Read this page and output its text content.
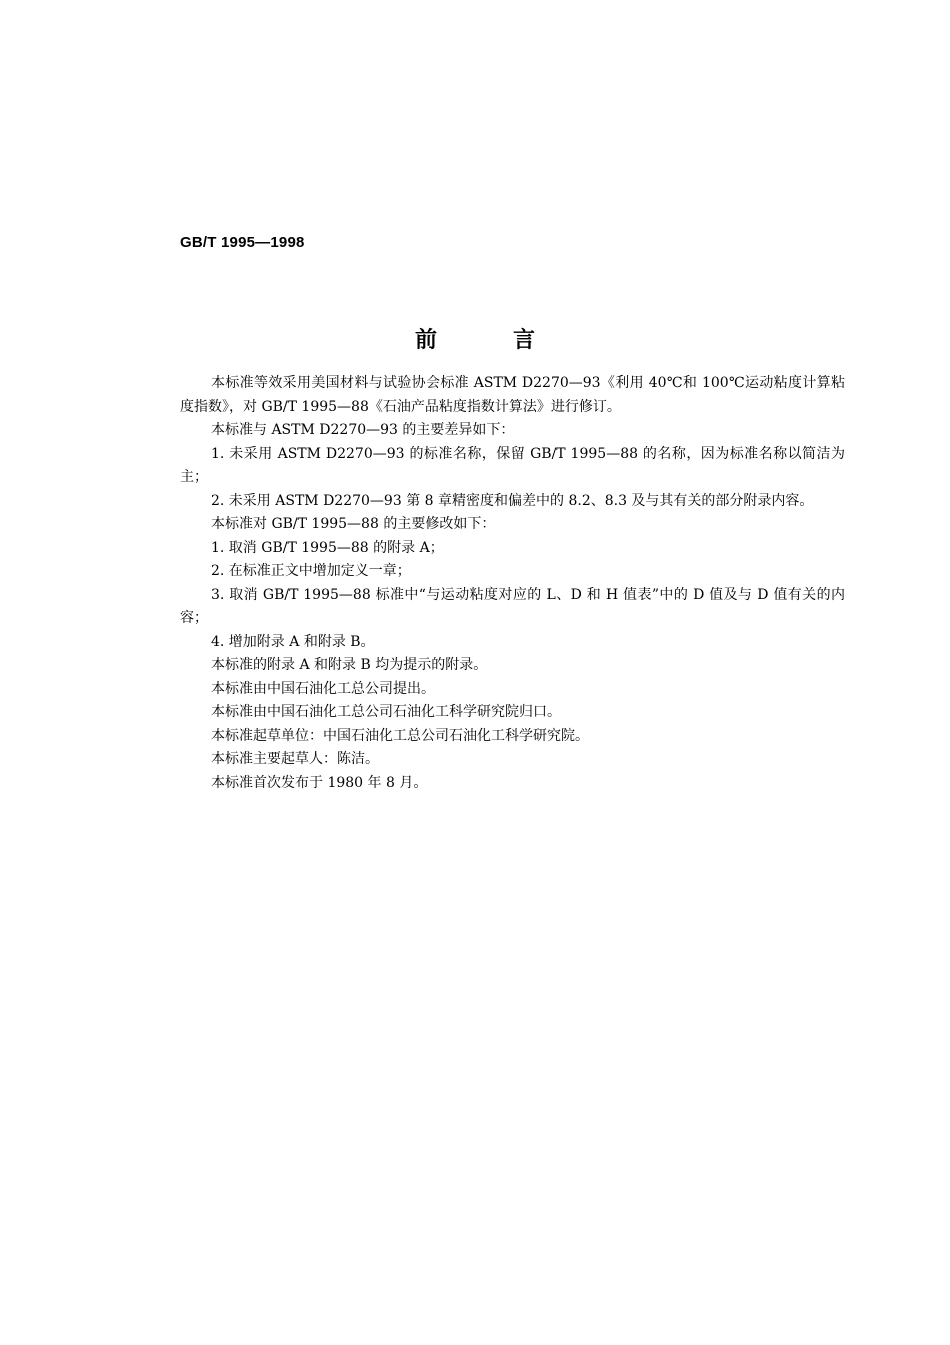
GB/T 1995—1998
前	言

本标准等效采用美国材料与试验协会标准 ASTM D2270—93《利用 40℃和 100℃运动粘度计算粘度指数》，对 GB/T 1995—88《石油产品粘度指数计算法》进行修订。

本标准与 ASTM D2270—93 的主要差异如下：

1. 未采用 ASTM D2270—93 的标准名称，保留 GB/T 1995—88 的名称，因为标准名称以简洁为主；

2. 未采用 ASTM D2270—93 第 8 章精密度和偏差中的 8.2、8.3 及与其有关的部分附录内容。

本标准对 GB/T 1995—88 的主要修改如下：

1. 取消 GB/T 1995—88 的附录 A；

2. 在标准正文中增加定义一章；

3. 取消 GB/T 1995—88 标准中“与运动粘度对应的 L、D 和 H 值表”中的 D 值及与 D 值有关的内容；

4. 增加附录 A 和附录 B。

本标准的附录 A 和附录 B 均为提示的附录。

本标准由中国石油化工总公司提出。

本标准由中国石油化工总公司石油化工科学研究院归口。

本标准起草单位：中国石油化工总公司石油化工科学研究院。

本标准主要起草人：陈洁。

本标准首次发布于 1980 年 8 月。
